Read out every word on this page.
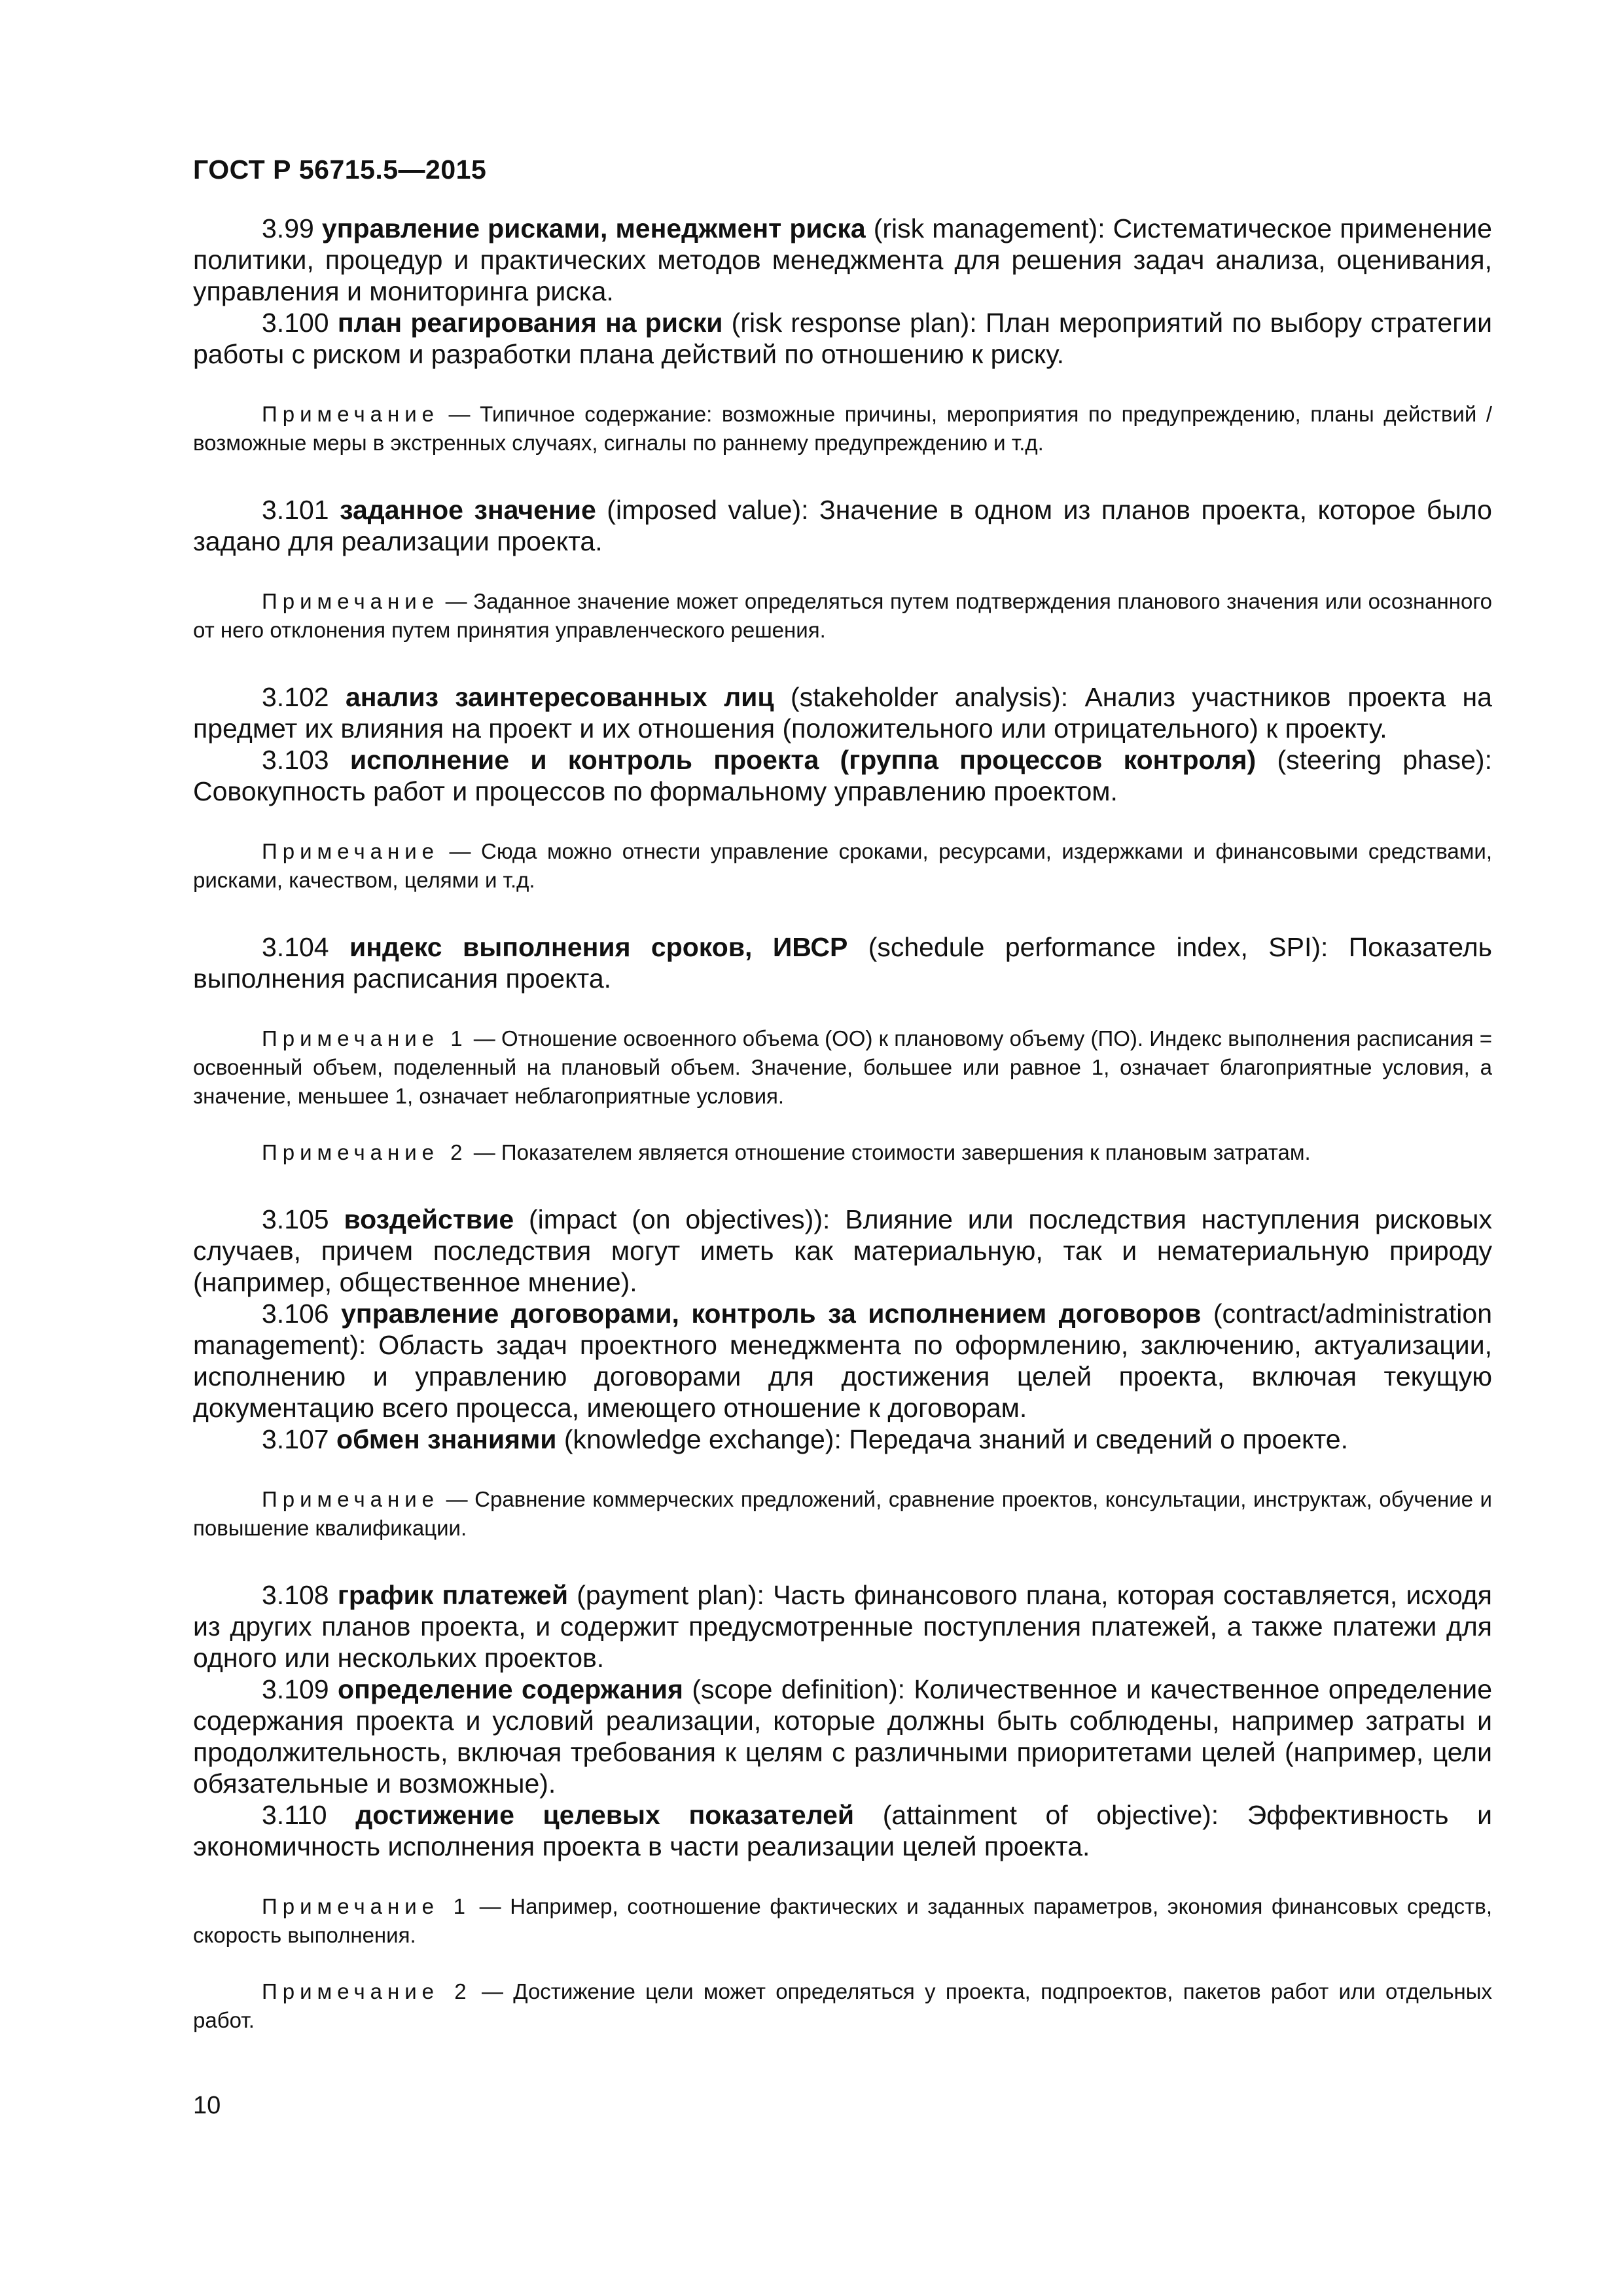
ГОСТ Р 56715.5—2015

3.99 управление рисками, менеджмент риска (risk management): Систематическое применение политики, процедур и практических методов менеджмента для решения задач анализа, оценивания, управления и мониторинга риска.

3.100 план реагирования на риски (risk response plan): План мероприятий по выбору стратегии работы с риском и разработки плана действий по отношению к риску.

Примечание — Типичное содержание: возможные причины, мероприятия по предупреждению, планы действий / возможные меры в экстренных случаях, сигналы по раннему предупреждению и т.д.

3.101 заданное значение (imposed value): Значение в одном из планов проекта, которое было задано для реализации проекта.

Примечание — Заданное значение может определяться путем подтверждения планового значения или осознанного от него отклонения путем принятия управленческого решения.

3.102 анализ заинтересованных лиц (stakeholder analysis): Анализ участников проекта на предмет их влияния на проект и их отношения (положительного или отрицательного) к проекту.

3.103 исполнение и контроль проекта (группа процессов контроля) (steering phase): Совокупность работ и процессов по формальному управлению проектом.

Примечание — Сюда можно отнести управление сроками, ресурсами, издержками и финансовыми средствами, рисками, качеством, целями и т.д.

3.104 индекс выполнения сроков, ИВСР (schedule performance index, SPI): Показатель выполнения расписания проекта.

Примечание 1 — Отношение освоенного объема (ОО) к плановому объему (ПО). Индекс выполнения расписания = освоенный объем, поделенный на плановый объем. Значение, большее или равное 1, означает благоприятные условия, а значение, меньшее 1, означает неблагоприятные условия.

Примечание 2 — Показателем является отношение стоимости завершения к плановым затратам.

3.105 воздействие (impact (on objectives)): Влияние или последствия наступления рисковых случаев, причем последствия могут иметь как материальную, так и нематериальную природу (например, общественное мнение).

3.106 управление договорами, контроль за исполнением договоров (contract/administration management): Область задач проектного менеджмента по оформлению, заключению, актуализации, исполнению и управлению договорами для достижения целей проекта, включая текущую документацию всего процесса, имеющего отношение к договорам.

3.107 обмен знаниями (knowledge exchange): Передача знаний и сведений о проекте.

Примечание — Сравнение коммерческих предложений, сравнение проектов, консультации, инструктаж, обучение и повышение квалификации.

3.108 график платежей (payment plan): Часть финансового плана, которая составляется, исходя из других планов проекта, и содержит предусмотренные поступления платежей, а также платежи для одного или нескольких проектов.

3.109 определение содержания (scope definition): Количественное и качественное определение содержания проекта и условий реализации, которые должны быть соблюдены, например затраты и продолжительность, включая требования к целям с различными приоритетами целей (например, цели обязательные и возможные).

3.110 достижение целевых показателей (attainment of objective): Эффективность и экономичность исполнения проекта в части реализации целей проекта.

Примечание 1 — Например, соотношение фактических и заданных параметров, экономия финансовых средств, скорость выполнения.

Примечание 2 — Достижение цели может определяться у проекта, подпроектов, пакетов работ или отдельных работ.

10
